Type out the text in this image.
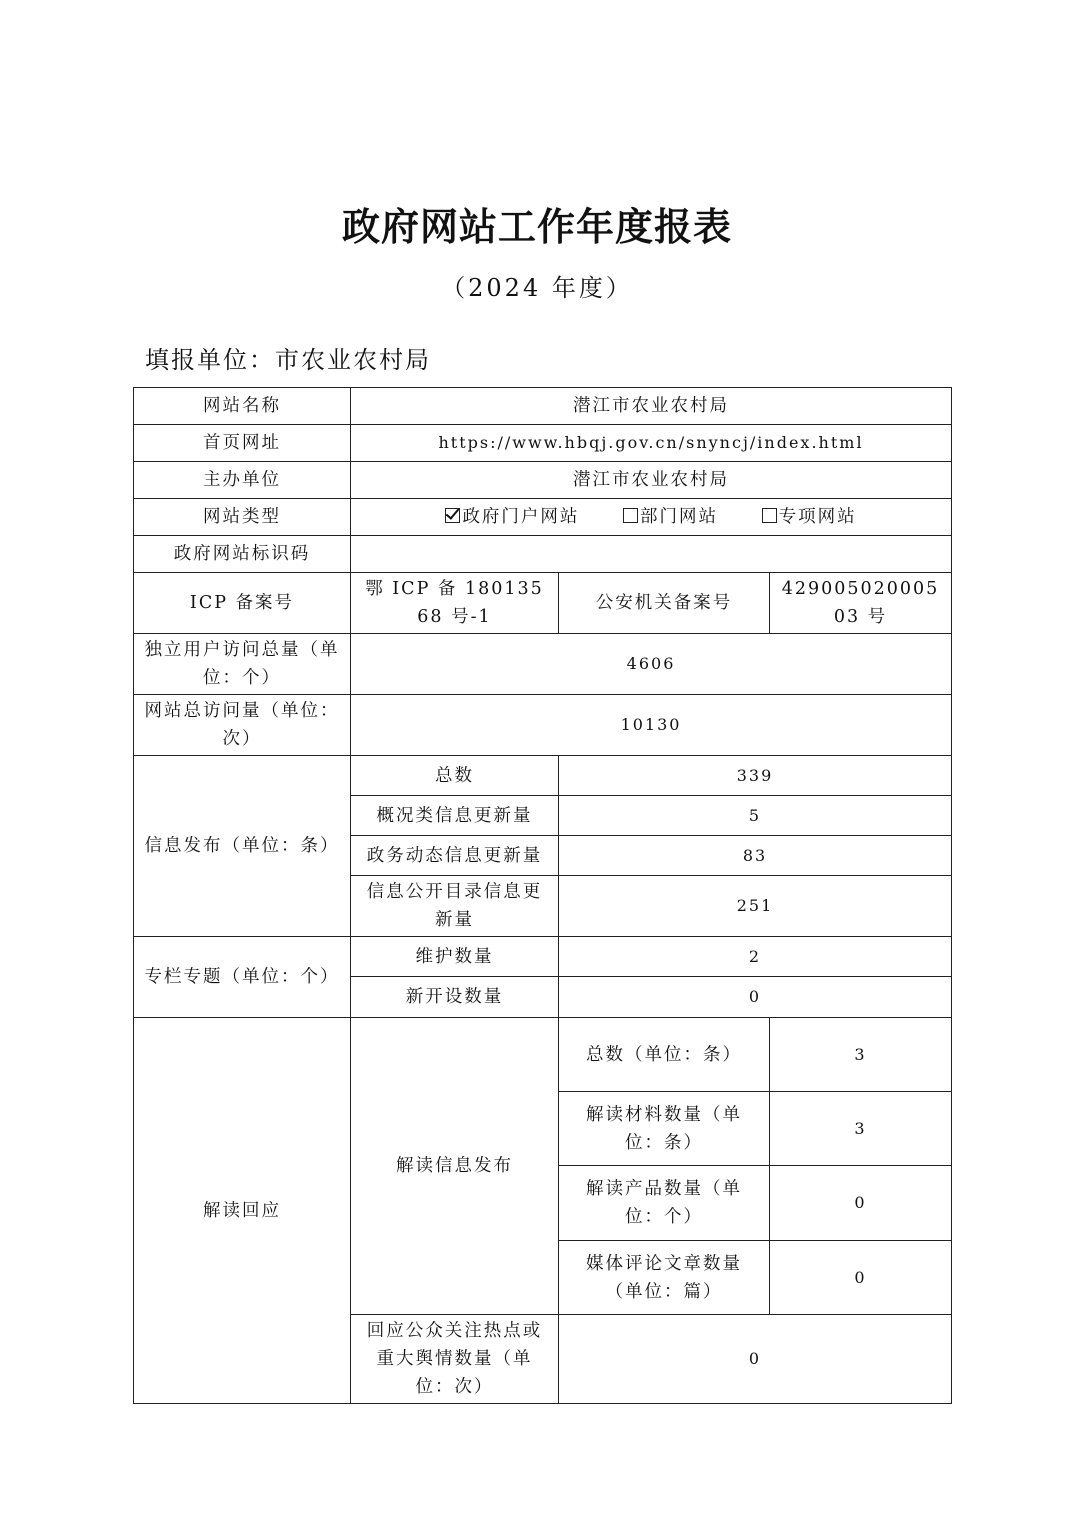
政府网站工作年度报表
（2024 年度）
填报单位：市农业农村局
网站名称	潜江市农业农村局		
首页网址	https://www.hbqj.gov.cn/snyncj/index.html		
主办单位	潜江市农业农村局		
网站类型	政府门户网站 部门网站 专项网站		
政府网站标识码			
ICP 备案号	鄂 ICP 备 18013568 号-1	公安机关备案号	42900502000503 号
独立用户访问总量（单位：个）	4606		
网站总访问量（单位：次）	10130		
信息发布（单位：条）	总数	339	
	概况类信息更新量	5	
	政务动态信息更新量	83	
	信息公开目录信息更新量	251	
专栏专题（单位：个）	维护数量	2	
	新开设数量	0	
解读回应	解读信息发布	总数（单位：条）	3
		解读材料数量（单位：条）	3
		解读产品数量（单位：个）	0
		媒体评论文章数量（单位：篇）	0
	回应公众关注热点或重大舆情数量（单位：次）	0	
